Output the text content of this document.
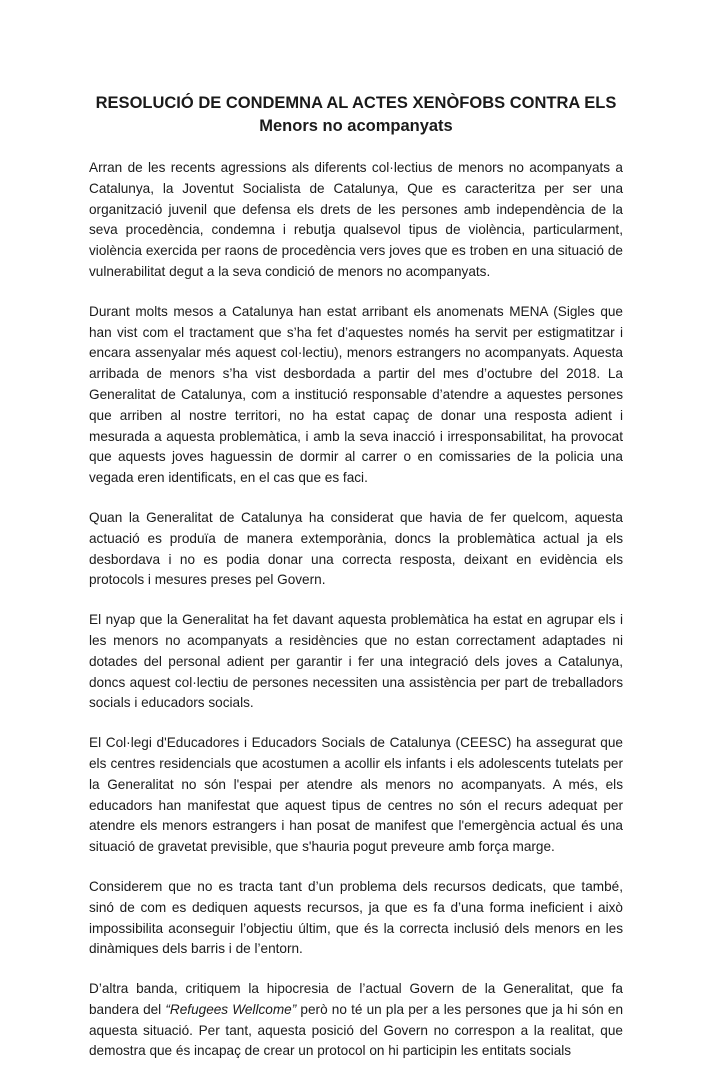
RESOLUCIÓ DE CONDEMNA AL ACTES XENÒFOBS CONTRA ELS
Menors no acompanyats

Arran de les recents agressions als diferents col·lectius de menors no acompanyats a Catalunya, la Joventut Socialista de Catalunya, Que es caracteritza per ser una organització juvenil que defensa els drets de les persones amb independència de la seva procedència, condemna i rebutja qualsevol tipus de violència, particularment, violència exercida per raons de procedència vers joves que es troben en una situació de vulnerabilitat degut a la seva condició de menors no acompanyats.

Durant molts mesos a Catalunya han estat arribant els anomenats MENA (Sigles que han vist com el tractament que s’ha fet d’aquestes només ha servit per estigmatitzar i encara assenyalar més aquest col·lectiu), menors estrangers no acompanyats. Aquesta arribada de menors s’ha vist desbordada a partir del mes d’octubre del 2018. La Generalitat de Catalunya, com a institució responsable d’atendre a aquestes persones que arriben al nostre territori, no ha estat capaç de donar una resposta adient i mesurada a aquesta problemàtica, i amb la seva inacció i irresponsabilitat, ha provocat que aquests joves haguessin de dormir al carrer o en comissaries de la policia una vegada eren identificats, en el cas que es faci.

Quan la Generalitat de Catalunya ha considerat que havia de fer quelcom, aquesta actuació es produïa de manera extemporània, doncs la problemàtica actual ja els desbordava i no es podia donar una correcta resposta, deixant en evidència els protocols i mesures preses pel Govern.

El nyap que la Generalitat ha fet davant aquesta problemàtica ha estat en agrupar els i les menors no acompanyats a residències que no estan correctament adaptades ni dotades del personal adient per garantir i fer una integració dels joves a Catalunya, doncs aquest col·lectiu de persones necessiten una assistència per part de treballadors socials i educadors socials.

El Col·legi d'Educadores i Educadors Socials de Catalunya (CEESC) ha assegurat que els centres residencials que acostumen a acollir els infants i els adolescents tutelats per la Generalitat no són l'espai per atendre als menors no acompanyats. A més, els educadors han manifestat que aquest tipus de centres no són el recurs adequat per atendre els menors estrangers i han posat de manifest que l'emergència actual és una situació de gravetat previsible, que s'hauria pogut preveure amb força marge.

Considerem que no es tracta tant d’un problema dels recursos dedicats, que també, sinó de com es dediquen aquests recursos, ja que es fa d’una forma ineficient i això impossibilita aconseguir l’objectiu últim, que és la correcta inclusió dels menors en les dinàmiques dels barris i de l’entorn.

D’altra banda, critiquem la hipocresia de l’actual Govern de la Generalitat, que fa bandera del “Refugees Wellcome” però no té un pla per a les persones que ja hi són en aquesta situació. Per tant, aquesta posició del Govern no correspon a la realitat, que demostra que és incapaç de crear un protocol on hi participin les entitats socials
